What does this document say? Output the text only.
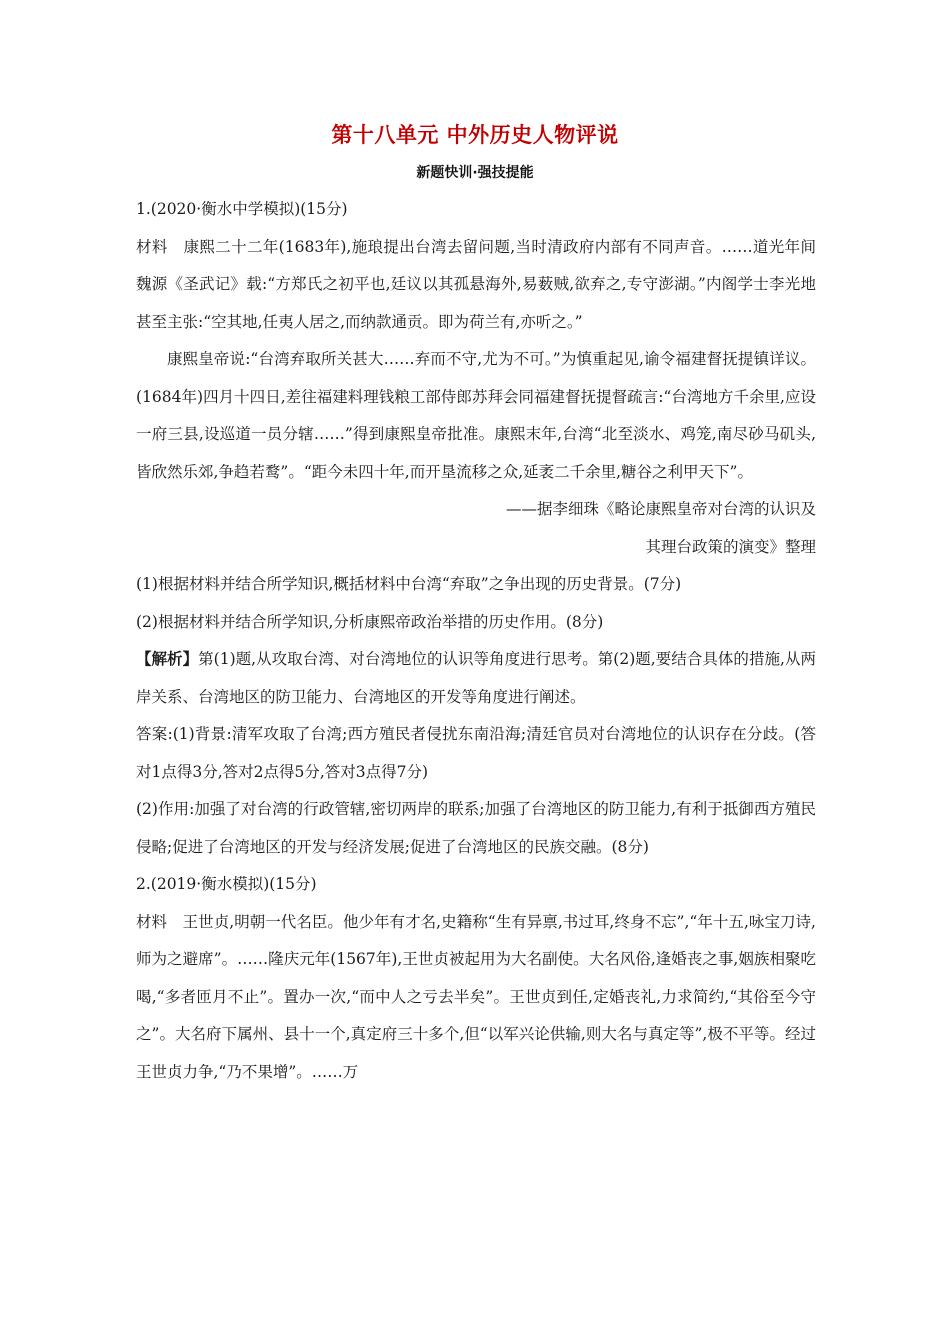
第十八单元 中外历史人物评说
新题快训·强技提能

1.(2020·衡水中学模拟)(15分)

材料 康熙二十二年(1683年),施琅提出台湾去留问题,当时清政府内部有不同声音。……道光年间魏源《圣武记》载:“方郑氏之初平也,廷议以其孤悬海外,易薮贼,欲弃之,专守澎湖。”内阁学士李光地甚至主张:“空其地,任夷人居之,而纳款通贡。即为荷兰有,亦听之。”

康熙皇帝说:“台湾弃取所关甚大……弃而不守,尤为不可。”为慎重起见,谕令福建督抚提镇详议。(1684年)四月十四日,差往福建料理钱粮工部侍郎苏拜会同福建督抚提督疏言:“台湾地方千余里,应设一府三县,设巡道一员分辖……”得到康熙皇帝批准。康熙末年,台湾“北至淡水、鸡笼,南尽砂马矶头,皆欣然乐郊,争趋若鹜”。“距今未四十年,而开垦流移之众,延袤二千余里,糖谷之利甲天下”。

——据李细珠《略论康熙皇帝对台湾的认识及

其理台政策的演变》整理

(1)根据材料并结合所学知识,概括材料中台湾“弃取”之争出现的历史背景。(7分)

(2)根据材料并结合所学知识,分析康熙帝政治举措的历史作用。(8分)

【解析】第(1)题,从攻取台湾、对台湾地位的认识等角度进行思考。第(2)题,要结合具体的措施,从两岸关系、台湾地区的防卫能力、台湾地区的开发等角度进行阐述。

答案:(1)背景:清军攻取了台湾;西方殖民者侵扰东南沿海;清廷官员对台湾地位的认识存在分歧。(答对1点得3分,答对2点得5分,答对3点得7分)

(2)作用:加强了对台湾的行政管辖,密切两岸的联系;加强了台湾地区的防卫能力,有利于抵御西方殖民侵略;促进了台湾地区的开发与经济发展;促进了台湾地区的民族交融。(8分)

2.(2019·衡水模拟)(15分)

材料 王世贞,明朝一代名臣。他少年有才名,史籍称“生有异禀,书过耳,终身不忘”,“年十五,咏宝刀诗,师为之避席”。……隆庆元年(1567年),王世贞被起用为大名副使。大名风俗,逢婚丧之事,姻族相聚吃喝,“多者匝月不止”。置办一次,“而中人之亏去半矣”。王世贞到任,定婚丧礼,力求简约,“其俗至今守之”。大名府下属州、县十一个,真定府三十多个,但“以军兴论供输,则大名与真定等”,极不平等。经过王世贞力争,“乃不果增”。……万
